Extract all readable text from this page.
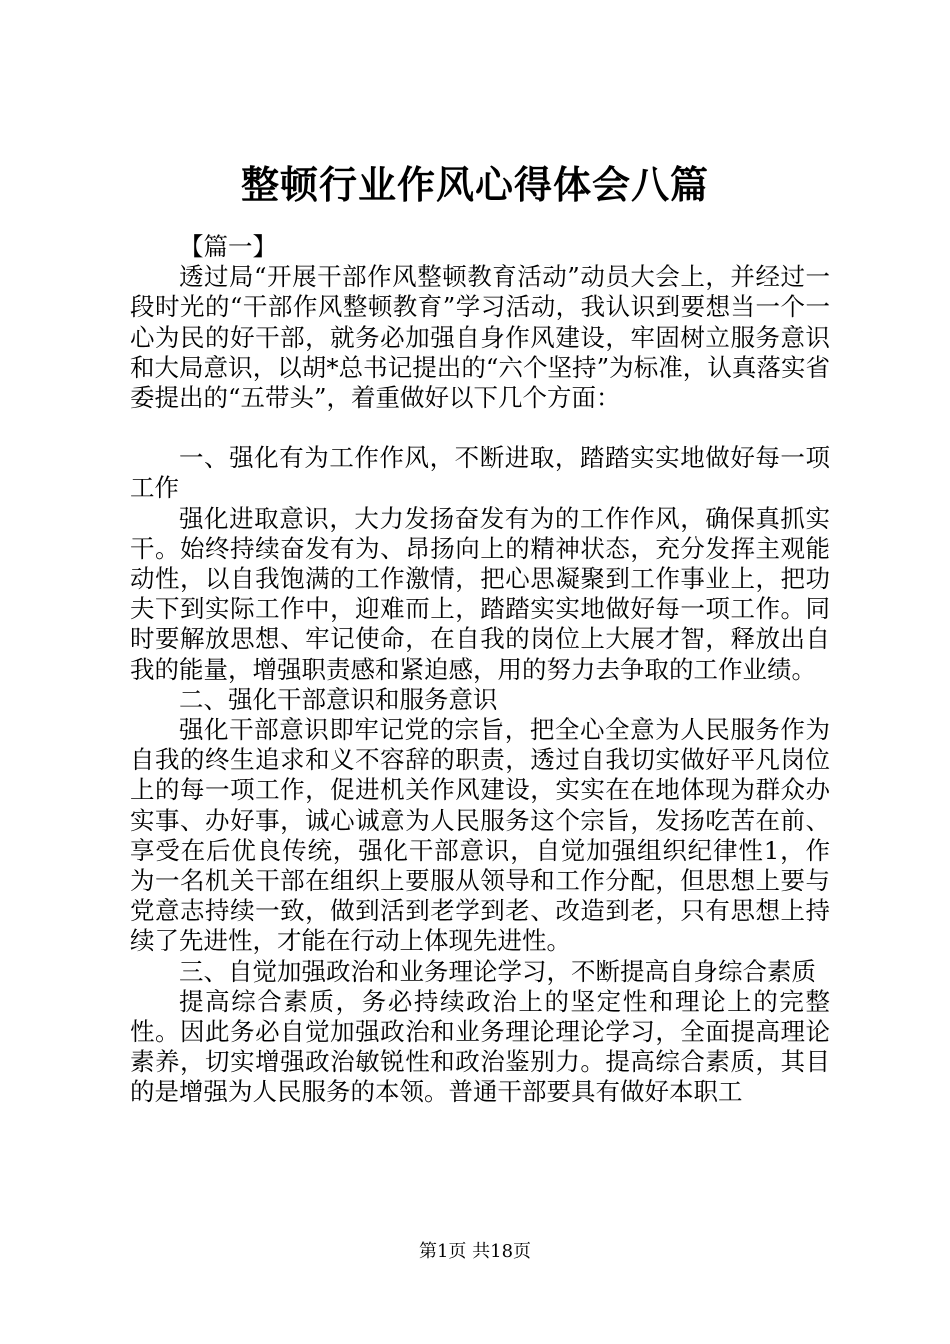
整顿行业作风心得体会八篇

【篇一】

透过局“开展干部作风整顿教育活动”动员大会上，并经过一段时光的“干部作风整顿教育”学习活动，我认识到要想当一个一心为民的好干部，就务必加强自身作风建设，牢固树立服务意识和大局意识，以胡*总书记提出的“六个坚持”为标准，认真落实省委提出的“五带头”，着重做好以下几个方面：

一、强化有为工作作风，不断进取，踏踏实实地做好每一项工作

强化进取意识，大力发扬奋发有为的工作作风，确保真抓实干。始终持续奋发有为、昂扬向上的精神状态，充分发挥主观能动性，以自我饱满的工作激情，把心思凝聚到工作事业上，把功夫下到实际工作中，迎难而上，踏踏实实地做好每一项工作。同时要解放思想、牢记使命，在自我的岗位上大展才智，释放出自我的能量，增强职责感和紧迫感，用的努力去争取的工作业绩。

二、强化干部意识和服务意识

强化干部意识即牢记党的宗旨，把全心全意为人民服务作为自我的终生追求和义不容辞的职责，透过自我切实做好平凡岗位上的每一项工作，促进机关作风建设，实实在在地体现为群众办实事、办好事，诚心诚意为人民服务这个宗旨，发扬吃苦在前、享受在后优良传统，强化干部意识，自觉加强组织纪律性1，作为一名机关干部在组织上要服从领导和工作分配，但思想上要与党意志持续一致，做到活到老学到老、改造到老，只有思想上持续了先进性，才能在行动上体现先进性。

三、自觉加强政治和业务理论学习，不断提高自身综合素质

提高综合素质，务必持续政治上的坚定性和理论上的完整性。因此务必自觉加强政治和业务理论理论学习，全面提高理论素养，切实增强政治敏锐性和政治鉴别力。提高综合素质，其目的是增强为人民服务的本领。普通干部要具有做好本职工

第1页 共18页
